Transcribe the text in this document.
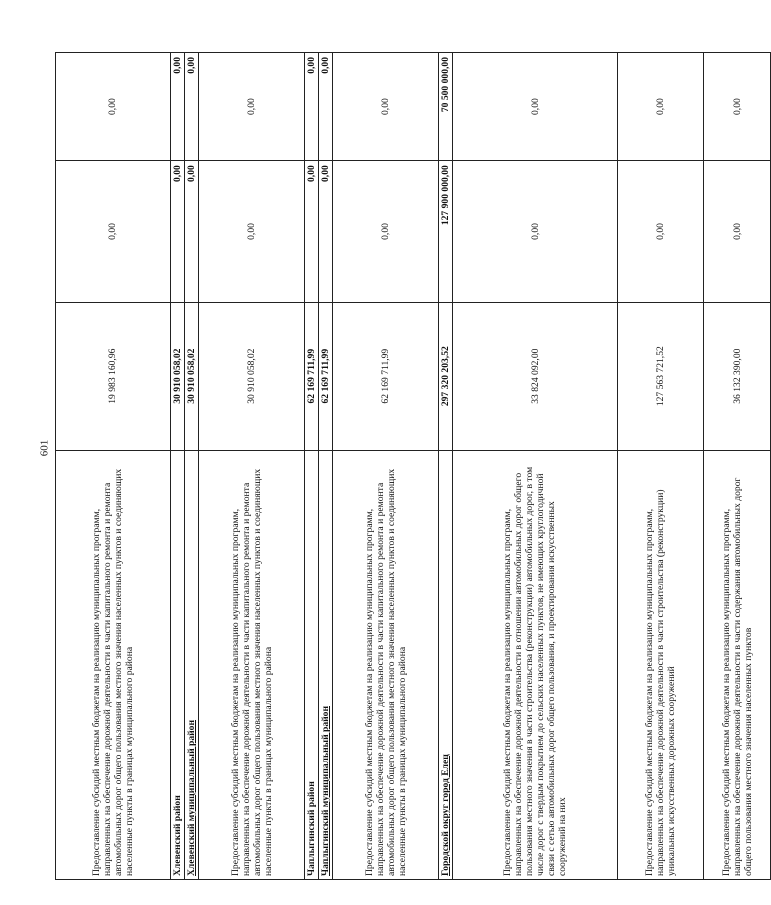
601
Предоставление субсидий местным бюджетам на реализацию муниципальных программ, направленных на обеспечение дорожной деятельности в части капитального ремонта и ремонта автомобильных дорог общего пользования местного значения населенных пунктов и соединяющих населенные пункты в границах муниципального района	19 983 160,96	0,00	0,00
Хлевенский район	30 910 058,02	0,00	0,00
Хлевенский муниципальный район	30 910 058,02	0,00	0,00
Предоставление субсидий местным бюджетам на реализацию муниципальных программ, направленных на обеспечение дорожной деятельности в части капитального ремонта и ремонта автомобильных дорог общего пользования местного значения населенных пунктов и соединяющих населенные пункты в границах муниципального района	30 910 058,02	0,00	0,00
Чаплыгинский район	62 169 711,99	0,00	0,00
Чаплыгинский муниципальный район	62 169 711,99	0,00	0,00
Предоставление субсидий местным бюджетам на реализацию муниципальных программ, направленных на обеспечение дорожной деятельности в части капитального ремонта и ремонта автомобильных дорог общего пользования местного значения населенных пунктов и соединяющих населенные пункты в границах муниципального района	62 169 711,99	0,00	0,00
Городской округ город Елец	297 320 203,52	127 900 000,00	70 500 000,00
Предоставление субсидий местным бюджетам на реализацию муниципальных программ, направленных на обеспечение дорожной деятельности в отношении автомобильных дорог общего пользования местного значения в части строительства (реконструкции) автомобильных дорог, в том числе дорог с твердым покрытием до сельских населенных пунктов, не имеющих круглогодичной связи с сетью автомобильных дорог общего пользования, и проектирования искусственных сооружений на них	33 824 092,00	0,00	0,00
Предоставление субсидий местным бюджетам на реализацию муниципальных программ, направленных на обеспечение дорожной деятельности в части строительства (реконструкции) уникальных искусственных дорожных сооружений	127 563 721,52	0,00	0,00
Предоставление субсидий местным бюджетам на реализацию муниципальных программ, направленных на обеспечение дорожной деятельности в части содержания автомобильных дорог общего пользования местного значения населенных пунктов	36 132 390,00	0,00	0,00
